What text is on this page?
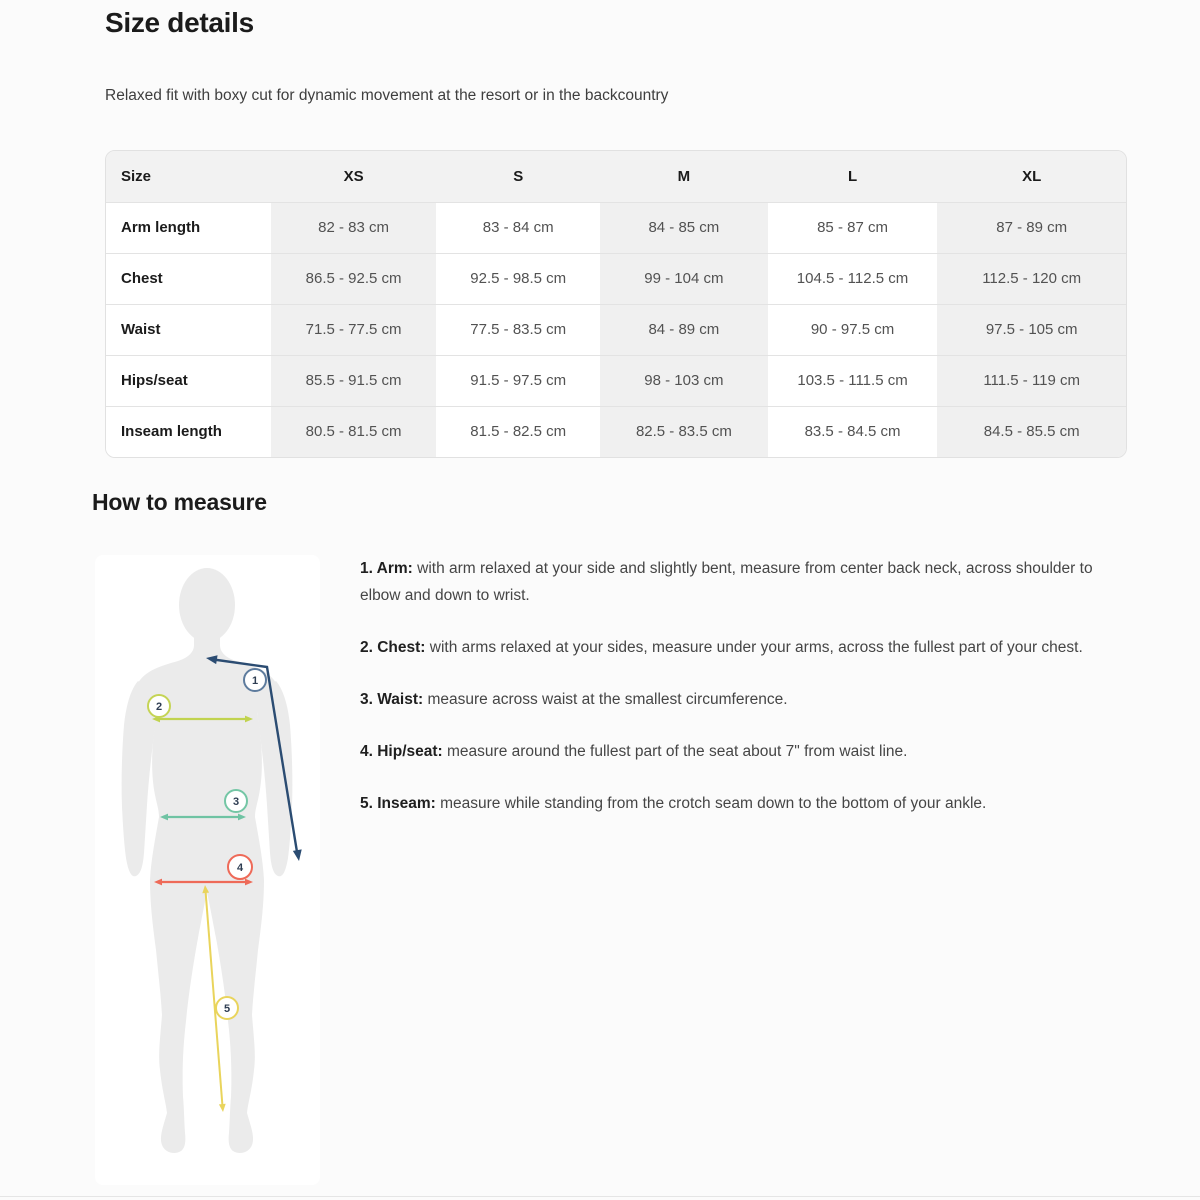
Size details

Relaxed fit with boxy cut for dynamic movement at the resort or in the backcountry

Size	XS	S	M	L	XL
Arm length	82 - 83 cm	83 - 84 cm	84 - 85 cm	85 - 87 cm	87 - 89 cm
Chest	86.5 - 92.5 cm	92.5 - 98.5 cm	99 - 104 cm	104.5 - 112.5 cm	112.5 - 120 cm
Waist	71.5 - 77.5 cm	77.5 - 83.5 cm	84 - 89 cm	90 - 97.5 cm	97.5 - 105 cm
Hips/seat	85.5 - 91.5 cm	91.5 - 97.5 cm	98 - 103 cm	103.5 - 111.5 cm	111.5 - 119 cm
Inseam length	80.5 - 81.5 cm	81.5 - 82.5 cm	82.5 - 83.5 cm	83.5 - 84.5 cm	84.5 - 85.5 cm
How to measure
1
2
3
4
5

1. Arm: with arm relaxed at your side and slightly bent, measure from center back neck, across shoulder to elbow and down to wrist.

2. Chest: with arms relaxed at your sides, measure under your arms, across the fullest part of your chest.

3. Waist: measure across waist at the smallest circumference.

4. Hip/seat: measure around the fullest part of the seat about 7" from waist line.

5. Inseam: measure while standing from the crotch seam down to the bottom of your ankle.
